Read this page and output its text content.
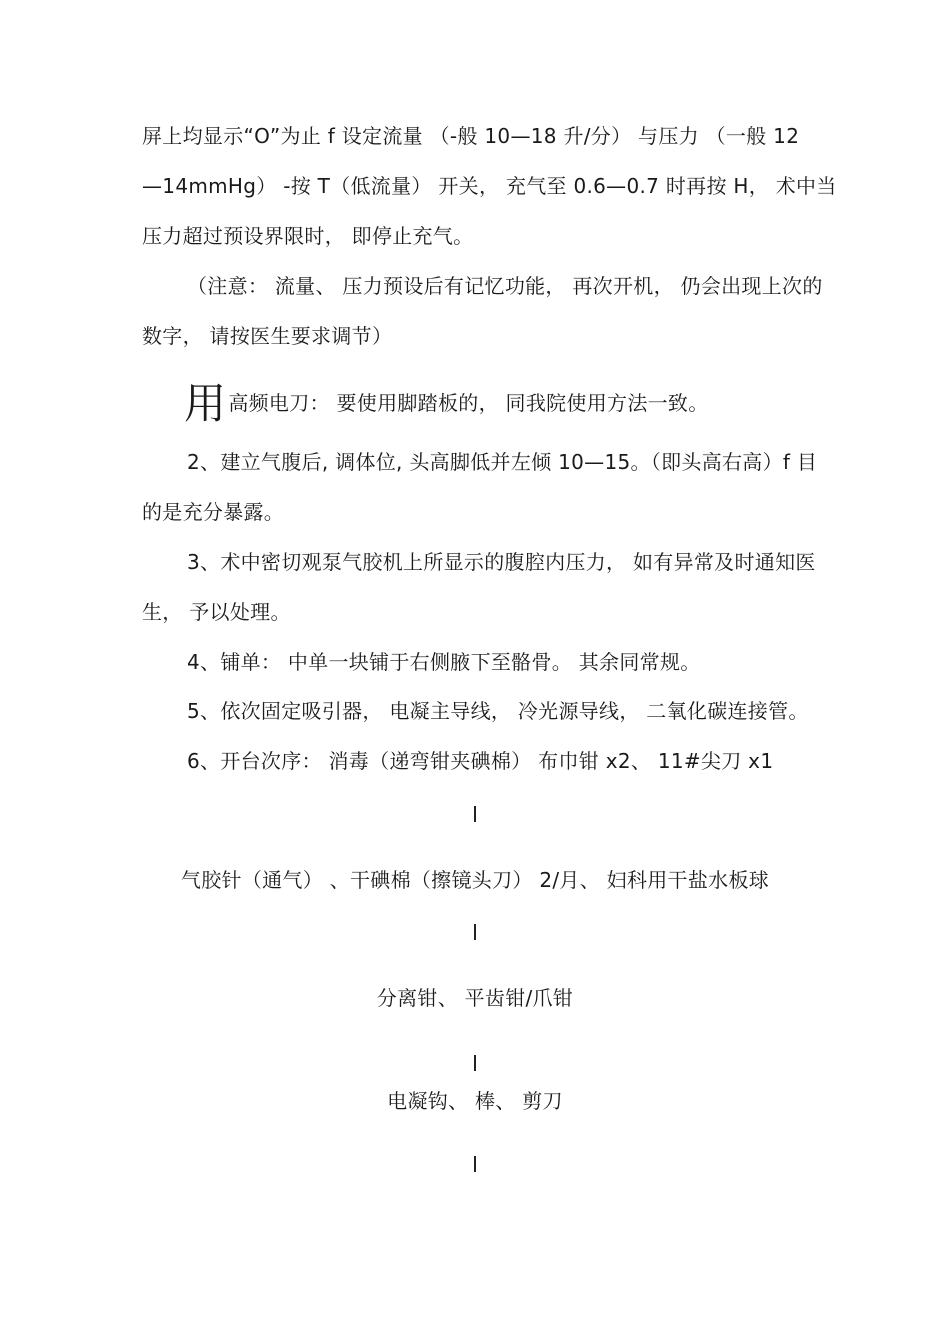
屏上均显示“O”为止 f 设定流量 （-般 10—18 升/分） 与压力 （一般 12
—14mmHg） -按 T（低流量） 开关， 充气至 0.6—0.7 时再按 H， 术中当
压力超过预设界限时， 即停止充气。
（注意： 流量、 压力预设后有记忆功能， 再次开机， 仍会出现上次的
数字， 请按医生要求调节）
用高频电刀： 要使用脚踏板的， 同我院使用方法一致。
2、建立气腹后, 调体位, 头高脚低并左倾 10—15。（即头高右高）f 目
的是充分暴露。
3、术中密切观泵气胶机上所显示的腹腔内压力， 如有异常及时通知医
生， 予以处理。
4、铺单： 中单一块铺于右侧腋下至骼骨。 其余同常规。
5、依次固定吸引器， 电凝主导线， 冷光源导线， 二氧化碳连接管。
6、开台次序： 消毒（递弯钳夹碘棉） 布巾钳 x2、 11#尖刀 x1
气胶针（通气） 、干碘棉（擦镜头刀） 2/月、 妇科用干盐水板球
分离钳、 平齿钳/爪钳
电凝钩、 棒、 剪刀
